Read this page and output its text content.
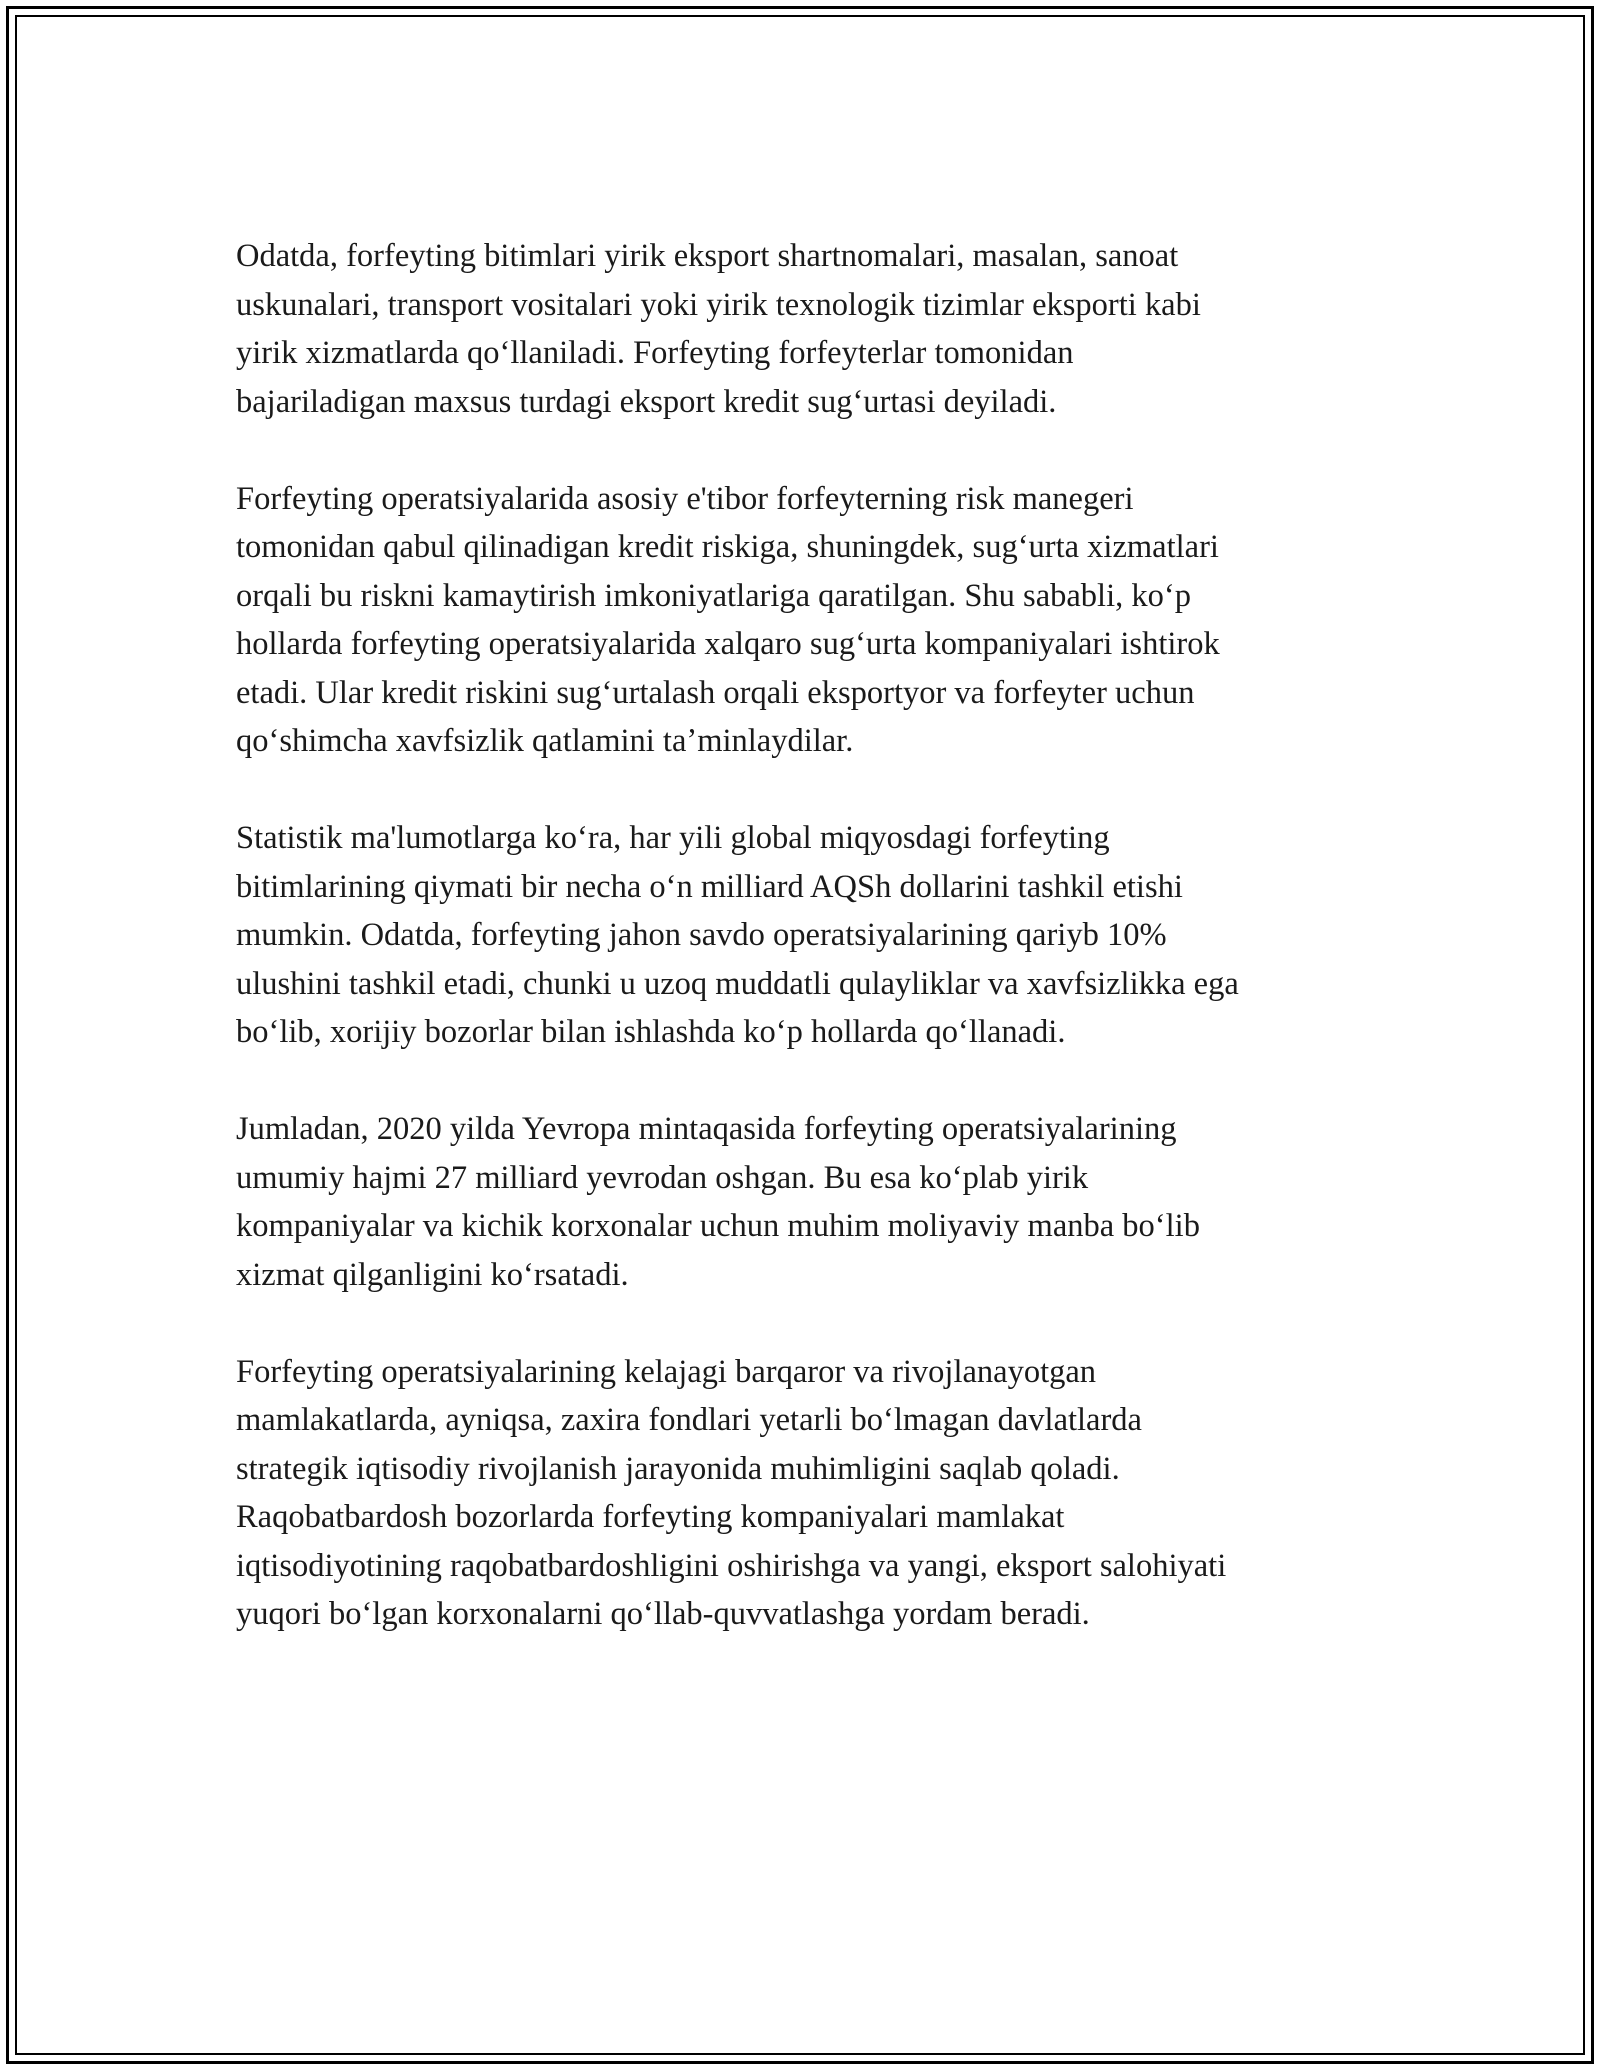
Odatda, forfeyting bitimlari yirik eksport shartnomalari, masalan, sanoat
uskunalari, transport vositalari yoki yirik texnologik tizimlar eksporti kabi
yirik xizmatlarda qoʻllaniladi. Forfeyting forfeyterlar tomonidan
bajariladigan maxsus turdagi eksport kredit sugʻurtasi deyiladi.

Forfeyting operatsiyalarida asosiy e'tibor forfeyterning risk manegeri
tomonidan qabul qilinadigan kredit riskiga, shuningdek, sugʻurta xizmatlari
orqali bu riskni kamaytirish imkoniyatlariga qaratilgan. Shu sababli, koʻp
hollarda forfeyting operatsiyalarida xalqaro sugʻurta kompaniyalari ishtirok
etadi. Ular kredit riskini sugʻurtalash orqali eksportyor va forfeyter uchun
qoʻshimcha xavfsizlik qatlamini taʼminlaydilar.

Statistik ma'lumotlarga koʻra, har yili global miqyosdagi forfeyting
bitimlarining qiymati bir necha oʻn milliard AQSh dollarini tashkil etishi
mumkin. Odatda, forfeyting jahon savdo operatsiyalarining qariyb 10%
ulushini tashkil etadi, chunki u uzoq muddatli qulayliklar va xavfsizlikka ega
boʻlib, xorijiy bozorlar bilan ishlashda koʻp hollarda qoʻllanadi.

Jumladan, 2020 yilda Yevropa mintaqasida forfeyting operatsiyalarining
umumiy hajmi 27 milliard yevrodan oshgan. Bu esa koʻplab yirik
kompaniyalar va kichik korxonalar uchun muhim moliyaviy manba boʻlib
xizmat qilganligini koʻrsatadi.

Forfeyting operatsiyalarining kelajagi barqaror va rivojlanayotgan
mamlakatlarda, ayniqsa, zaxira fondlari yetarli boʻlmagan davlatlarda
strategik iqtisodiy rivojlanish jarayonida muhimligini saqlab qoladi.
Raqobatbardosh bozorlarda forfeyting kompaniyalari mamlakat
iqtisodiyotining raqobatbardoshligini oshirishga va yangi, eksport salohiyati
yuqori boʻlgan korxonalarni qoʻllab-quvvatlashga yordam beradi.
